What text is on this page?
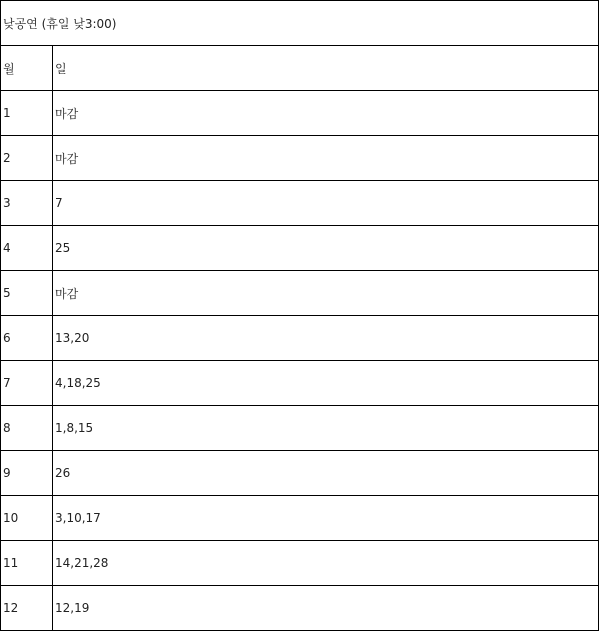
낮공연 (휴일 낮3:00)	
월	일
1	마감
2	마감
3	7
4	25
5	마감
6	13,20
7	4,18,25
8	1,8,15
9	26
10	3,10,17
11	14,21,28
12	12,19
